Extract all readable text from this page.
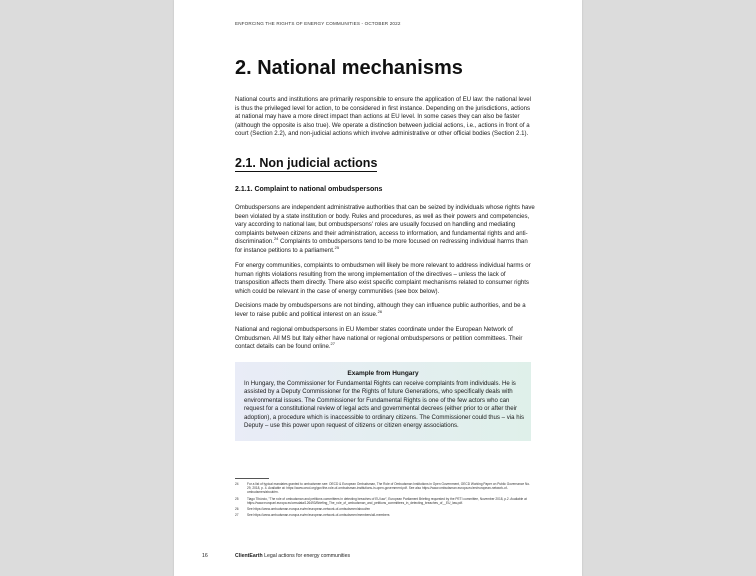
ENFORCING THE RIGHTS OF ENERGY COMMUNITIES - OCTOBER 2022
2. National mechanisms

National courts and institutions are primarily responsible to ensure the application of EU law: the national level is thus the privileged level for action, to be considered in first instance. Depending on the jurisdictions, actions at national may have a more direct impact than actions at EU level. In some cases they can also be faster (although the opposite is also true). We operate a distinction between judicial actions, i.e., actions in front of a court (Section 2.2), and non-judicial actions which involve administrative or other official bodies (Section 2.1).

2.1. Non judicial actions
2.1.1. Complaint to national ombudspersons

Ombudspersons are independent administrative authorities that can be seized by individuals whose rights have been violated by a state institution or body. Rules and procedures, as well as their powers and competencies, vary according to national law, but ombudspersons' roles are usually focused on handling and mediating complaints between citizens and their administration, access to information, and fundamental rights and anti-discrimination.$^{24}$ Complaints to ombudspersons tend to be more focused on redressing individual harms than for instance petitions to a parliament.$^{25}$

For energy communities, complaints to ombudsmen will likely be more relevant to address individual harms or human rights violations resulting from the wrong implementation of the directives – unless the lack of transposition affects them directly. There also exist specific complaint mechanisms related to consumer rights which could be relevant in the case of energy communities (see box below).

Decisions made by ombudspersons are not binding, although they can influence public authorities, and be a lever to raise public and political interest on an issue.$^{26}$

National and regional ombudspersons in EU Member states coordinate under the European Network of Ombudsmen. All MS but Italy either have national or regional ombudspersons or petition committees. Their contact details can be found online.$^{27}$

Example from Hungary

In Hungary, the Commissioner for Fundamental Rights can receive complaints from individuals. He is assisted by a Deputy Commissioner for the Rights of future Generations, who specifically deals with environmental issues. The Commissioner for Fundamental Rights is one of the few actors who can request for a constitutional review of legal acts and governmental decrees (either prior to or after their adoption), a procedure which is inaccessible to ordinary citizens. The Commissioner could thus – via his Deputy – use this power upon request of citizens or citizen energy associations.

24	For a list of typical mandates granted to ombudsmen see: OECD & European Ombudsman, The Role of Ombudsman Institutions in Open Government, OECD Working Paper on Public Governance No. 29, 2018, p. 4. Available at: https://www.oecd.org/gov/the-role-of-ombudsman-institutions-in-open-government.pdf. See also https://www.ombudsman.europa.eu/en/european-network-of-ombudsmen/about/en.
25	Tiago Tibúrcio, "The role of ombudsman and petitions committees in detecting breaches of EU law", European Parliament Briefing requested by the PETI committee, November 2018, p.2. Available at https://www.europarl.europa.eu/cmsdata/126493/Briefing_The_role_of_ombudsman_and_petitions_committees_in_detecting_breaches_of__EU_law.pdf.
26	See https://www.ombudsman.europa.eu/en/european-network-of-ombudsmen/about/en
27	See https://www.ombudsman.europa.eu/en/european-network-of-ombudsmen/members/all-members
16	ClientEarth Legal actions for energy communities
